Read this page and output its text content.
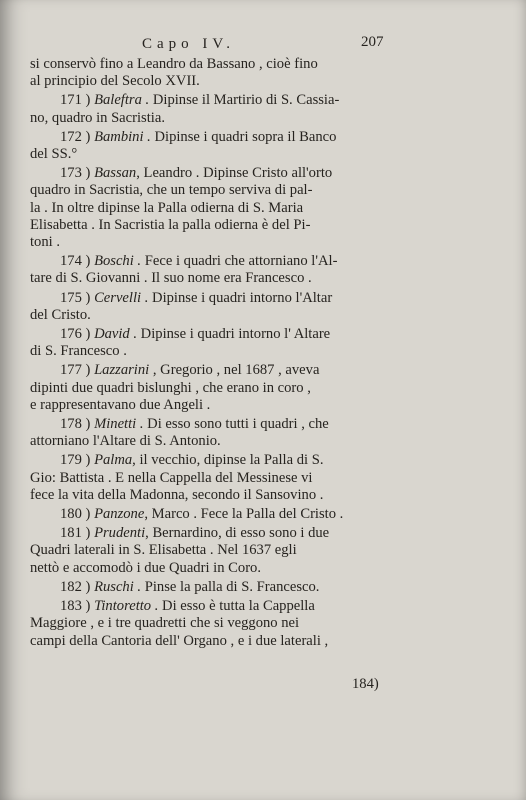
Capo IV.	207
si conservò fino a Leandro da Bassano , cioè fino
al principio del Secolo XVII.
171 ) Baleftra . Dipinse il Martirio di S. Cassia-
no, quadro in Sacristia.
172 ) Bambini . Dipinse i quadri sopra il Banco
del SS.°
173 ) Bassan, Leandro . Dipinse Cristo all'orto
quadro in Sacristia, che un tempo serviva di pal-
la . In oltre dipinse la Palla odierna di S. Maria
Elisabetta . In Sacristia la palla odierna è del Pi-
toni .
174 ) Boschi . Fece i quadri che attorniano l'Al-
tare di S. Giovanni . Il suo nome era Francesco .
175 ) Cervelli . Dipinse i quadri intorno l'Altar
del Cristo.
176 ) David . Dipinse i quadri intorno l' Altare
di S. Francesco .
177 ) Lazzarini , Gregorio , nel 1687 , aveva
dipinti due quadri bislunghi , che erano in coro ,
e rappresentavano due Angeli .
178 ) Minetti . Di esso sono tutti i quadri , che
attorniano l'Altare di S. Antonio.
179 ) Palma, il vecchio, dipinse la Palla di S.
Gio: Battista . E nella Cappella del Messinese vi
fece la vita della Madonna, secondo il Sansovino .
180 ) Panzone, Marco . Fece la Palla del Cristo .
181 ) Prudenti, Bernardino, di esso sono i due
Quadri laterali in S. Elisabetta . Nel 1637 egli
nettò e accomodò i due Quadri in Coro.
182 ) Ruschi . Pinse la palla di S. Francesco.
183 ) Tintoretto . Di esso è tutta la Cappella
Maggiore , e i tre quadretti che si veggono nei
campi della Cantoria dell' Organo , e i due laterali ,
184)
